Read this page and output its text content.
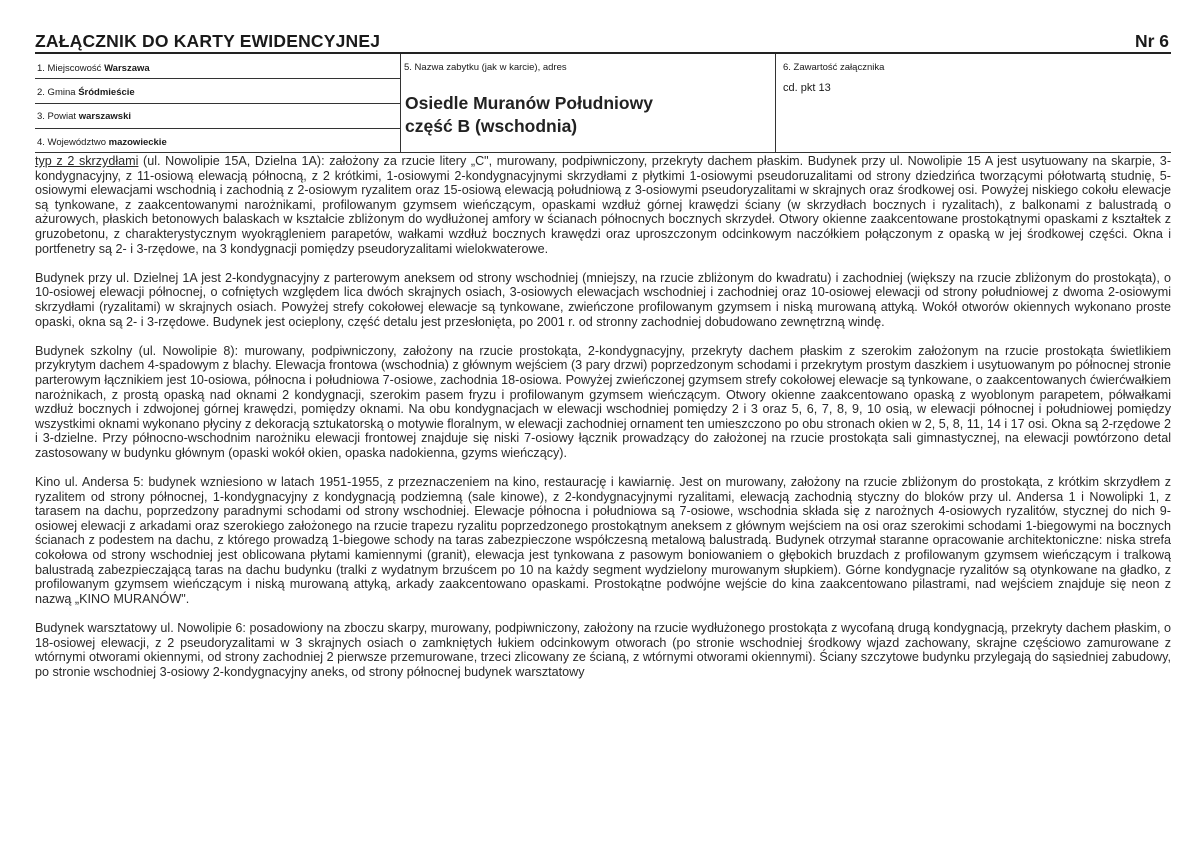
ZAŁĄCZNIK DO KARTY EWIDENCYJNEJ	Nr 6
1. Miejscowość Warszawa
2. Gmina Śródmieście
3. Powiat warszawski
4. Województwo mazowieckie
5. Nazwa zabytku (jak w karcie), adres
Osiedle Muranów Południowy
część B (wschodnia)
6. Zawartość załącznika
cd. pkt 13

typ z 2 skrzydłami (ul. Nowolipie 15A, Dzielna 1A): założony za rzucie litery „C", murowany, podpiwniczony, przekryty dachem płaskim. Budynek przy ul. Nowolipie 15 A jest usytuowany na skarpie, 3-kondygnacyjny, z 11-osiową elewacją północną, z 2 krótkimi, 1-osiowymi 2-kondygnacyjnymi skrzydłami z płytkimi 1-osiowymi pseudoruzalitami od strony dziedzińca tworzącymi półotwartą studnię, 5-osiowymi elewacjami wschodnią i zachodnią z 2-osiowym ryzalitem oraz 15-osiową elewacją południową z 3-osiowymi pseudoryzalitami w skrajnych oraz środkowej osi. Powyżej niskiego cokołu elewacje są tynkowane, z zaakcentowanymi narożnikami, profilowanym gzymsem wieńczącym, opaskami wzdłuż górnej krawędzi ściany (w skrzydłach bocznych i ryzalitach), z balkonami z balustradą o ażurowych, płaskich betonowych balaskach w kształcie zbliżonym do wydłużonej amfory w ścianach północnych bocznych skrzydeł. Otwory okienne zaakcentowane prostokątnymi opaskami z kształtek z gruzobetonu, z charakterystycznym wyokrągleniem parapetów, wałkami wzdłuż bocznych krawędzi oraz uproszczonym odcinkowym naczółkiem połączonym z opaską w jej środkowej części. Okna i portfenetry są 2- i 3-rzędowe, na 3 kondygnacji pomiędzy pseudoryzalitami wielokwaterowe.

Budynek przy ul. Dzielnej 1A jest 2-kondygnacyjny z parterowym aneksem od strony wschodniej (mniejszy, na rzucie zbliżonym do kwadratu) i zachodniej (większy na rzucie zbliżonym do prostokąta), o 10-osiowej elewacji północnej, o cofniętych względem lica dwóch skrajnych osiach, 3-osiowych elewacjach wschodniej i zachodniej oraz 10-osiowej elewacji od strony południowej z dwoma 2-osiowymi skrzydłami (ryzalitami) w skrajnych osiach. Powyżej strefy cokołowej elewacje są tynkowane, zwieńczone profilowanym gzymsem i niską murowaną attyką. Wokół otworów okiennych wykonano proste opaski, okna są 2- i 3-rzędowe. Budynek jest ocieplony, część detalu jest przesłonięta, po 2001 r. od stronny zachodniej dobudowano zewnętrzną windę.

Budynek szkolny (ul. Nowolipie 8): murowany, podpiwniczony, założony na rzucie prostokąta, 2-kondygnacyjny, przekryty dachem płaskim z szerokim założonym na rzucie prostokąta świetlikiem przykrytym dachem 4-spadowym z blachy. Elewacja frontowa (wschodnia) z głównym wejściem (3 pary drzwi) poprzedzonym schodami i przekrytym prostym daszkiem i usytuowanym po północnej stronie parterowym łącznikiem jest 10-osiowa, północna i południowa 7-osiowe, zachodnia 18-osiowa. Powyżej zwieńczonej gzymsem strefy cokołowej elewacje są tynkowane, o zaakcentowanych ćwierćwałkiem narożnikach, z prostą opaską nad oknami 2 kondygnacji, szerokim pasem fryzu i profilowanym gzymsem wieńczącym. Otwory okienne zaakcentowano opaską z wyoblonym parapetem, półwałkami wzdłuż bocznych i zdwojonej górnej krawędzi, pomiędzy oknami. Na obu kondygnacjach w elewacji wschodniej pomiędzy 2 i 3 oraz 5, 6, 7, 8, 9, 10 osią, w elewacji północnej i południowej pomiędzy wszystkimi oknami wykonano płyciny z dekoracją sztukatorską o motywie floralnym, w elewacji zachodniej ornament ten umieszczono po obu stronach okien w 2, 5, 8, 11, 14 i 17 osi. Okna są 2-rzędowe 2 i 3-dzielne. Przy północno-wschodnim narożniku elewacji frontowej znajduje się niski 7-osiowy łącznik prowadzący do założonej na rzucie prostokąta sali gimnastycznej, na elewacji powtórzono detal zastosowany w budynku głównym (opaski wokół okien, opaska nadokienna, gzyms wieńczący).

Kino ul. Andersa 5: budynek wzniesiono w latach 1951-1955, z przeznaczeniem na kino, restaurację i kawiarnię. Jest on murowany, założony na rzucie zbliżonym do prostokąta, z krótkim skrzydłem z ryzalitem od strony północnej, 1-kondygnacyjny z kondygnacją podziemną (sale kinowe), z 2-kondygnacyjnymi ryzalitami, elewacją zachodnią styczny do bloków przy ul. Andersa 1 i Nowolipki 1, z tarasem na dachu, poprzedzony paradnymi schodami od strony wschodniej. Elewacje północna i południowa są 7-osiowe, wschodnia składa się z narożnych 4-osiowych ryzalitów, stycznej do nich 9-osiowej elewacji z arkadami oraz szerokiego założonego na rzucie trapezu ryzalitu poprzedzonego prostokątnym aneksem z głównym wejściem na osi oraz szerokimi schodami 1-biegowymi na bocznych ścianach z podestem na dachu, z którego prowadzą 1-biegowe schody na taras zabezpieczone współczesną metalową balustradą. Budynek otrzymał staranne opracowanie architektoniczne: niska strefa cokołowa od strony wschodniej jest oblicowana płytami kamiennymi (granit), elewacja jest tynkowana z pasowym boniowaniem o głębokich bruzdach z profilowanym gzymsem wieńczącym i tralkową balustradą zabezpieczającą taras na dachu budynku (tralki z wydatnym brzuścem po 10 na każdy segment wydzielony murowanym słupkiem). Górne kondygnacje ryzalitów są otynkowane na gładko, z profilowanym gzymsem wieńczącym i niską murowaną attyką, arkady zaakcentowano opaskami. Prostokątne podwójne wejście do kina zaakcentowano pilastrami, nad wejściem znajduje się neon z nazwą „KINO MURANÓW".

Budynek warsztatowy ul. Nowolipie 6: posadowiony na zboczu skarpy, murowany, podpiwniczony, założony na rzucie wydłużonego prostokąta z wycofaną drugą kondygnacją, przekryty dachem płaskim, o 18-osiowej elewacji, z 2 pseudoryzalitami w 3 skrajnych osiach o zamkniętych łukiem odcinkowym otworach (po stronie wschodniej środkowy wjazd zachowany, skrajne częściowo zamurowane z wtórnymi otworami okiennymi, od strony zachodniej 2 pierwsze przemurowane, trzeci zlicowany ze ścianą, z wtórnymi otworami okiennymi). Ściany szczytowe budynku przylegają do sąsiedniej zabudowy, po stronie wschodniej 3-osiowy 2-kondygnacyjny aneks, od strony północnej budynek warsztatowy
